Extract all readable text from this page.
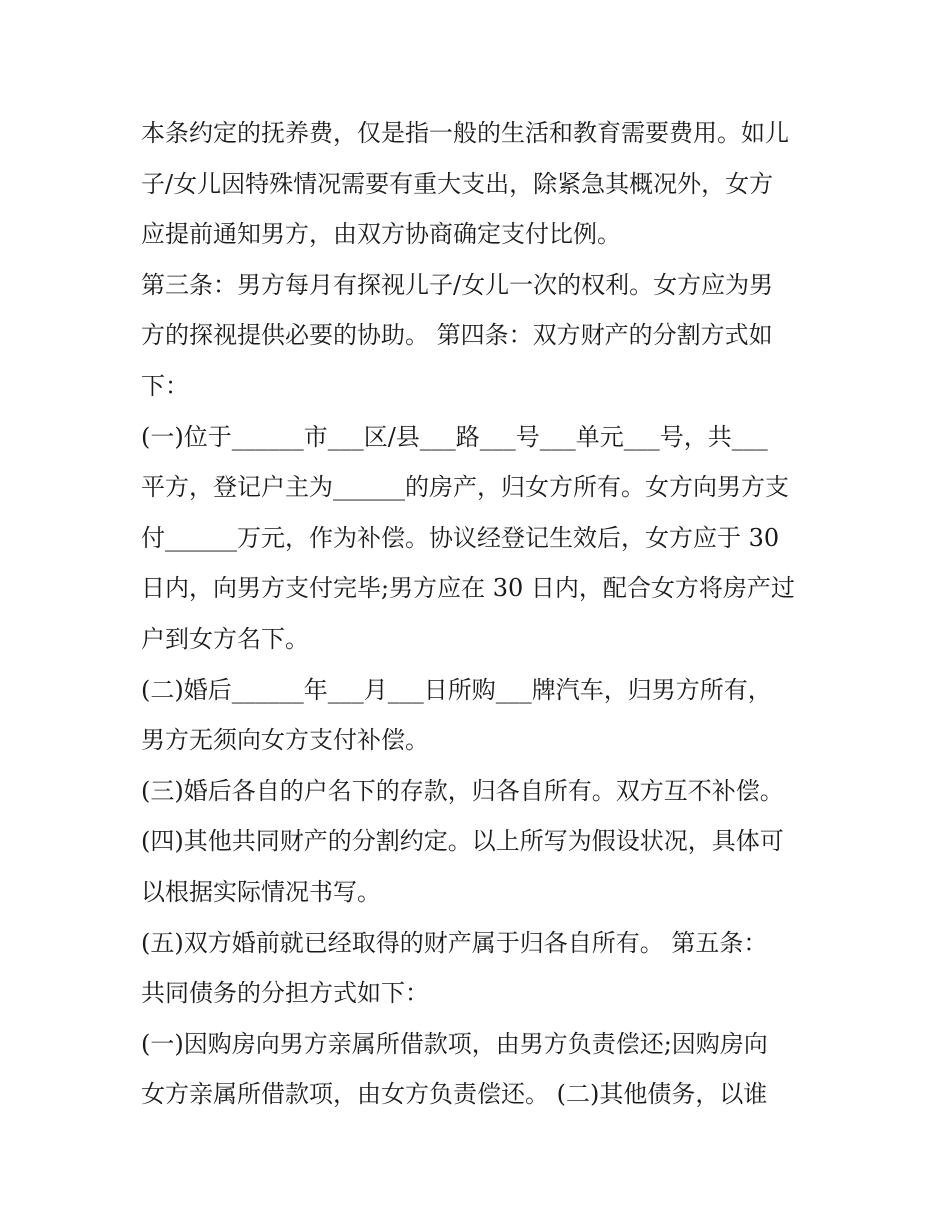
本条约定的抚养费，仅是指一般的生活和教育需要费用。如儿
子/女儿因特殊情况需要有重大支出，除紧急其概况外，女方
应提前通知男方，由双方协商确定支付比例。
第三条：男方每月有探视儿子/女儿一次的权利。女方应为男
方的探视提供必要的协助。 第四条：双方财产的分割方式如
下：
(一)位于______市___区/县___路___号___单元___号，共___
平方，登记户主为______的房产，归女方所有。女方向男方支
付______万元，作为补偿。协议经登记生效后，女方应于 30
日内，向男方支付完毕;男方应在 30 日内，配合女方将房产过
户到女方名下。
(二)婚后______年___月___日所购___牌汽车，归男方所有，
男方无须向女方支付补偿。
(三)婚后各自的户名下的存款，归各自所有。双方互不补偿。
(四)其他共同财产的分割约定。以上所写为假设状况，具体可
以根据实际情况书写。
(五)双方婚前就已经取得的财产属于归各自所有。 第五条：
共同债务的分担方式如下：
(一)因购房向男方亲属所借款项，由男方负责偿还;因购房向
女方亲属所借款项，由女方负责偿还。 (二)其他债务，以谁
